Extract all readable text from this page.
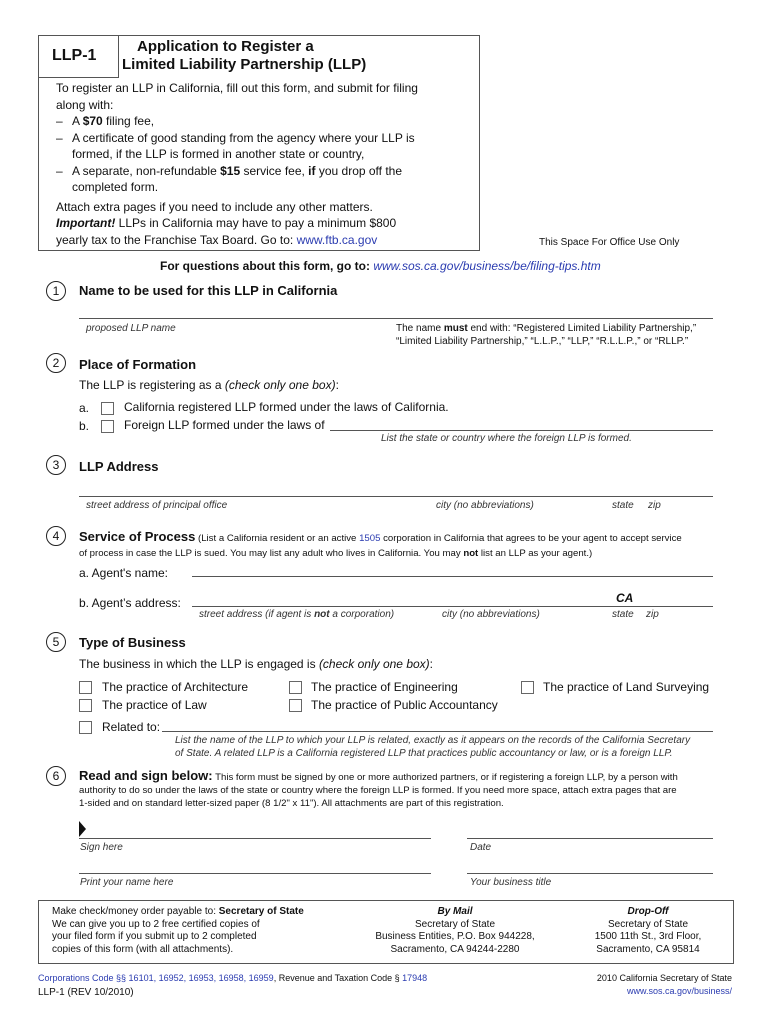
LLP-1
Application to Register a
Limited Liability Partnership (LLP)
To register an LLP in California, fill out this form, and submit for filing
along with:
– A $70 filing fee,
– A certificate of good standing from the agency where your LLP is
formed, if the LLP is formed in another state or country,
– A separate, non-refundable $15 service fee, if you drop off the
completed form.
Attach extra pages if you need to include any other matters.
Important! LLPs in California may have to pay a minimum $800
yearly tax to the Franchise Tax Board. Go to: www.ftb.ca.gov	This Space For Office Use Only
For questions about this form, go to: www.sos.ca.gov/business/be/filing-tips.htm
1	Name to be used for this LLP in California
proposed LLP name	The name must end with: “Registered Limited Liability Partnership,”
“Limited Liability Partnership,” “L.L.P.,” “LLP,” “R.L.L.P.,” or “RLLP.”
2	Place of Formation
The LLP is registering as a (check only one box):
a.	California registered LLP formed under the laws of California.
b.	Foreign LLP formed under the laws of
List the state or country where the foreign LLP is formed.
3	LLP Address
street address of principal office	city (no abbreviations)	state zip
4	Service of Process (List a California resident or an active 1505 corporation in California that agrees to be your agent to accept service
of process in case the LLP is sued. You may list any adult who lives in California. You may not list an LLP as your agent.)
a. Agent's name:
b. Agent’s address:	CA
street address (if agent is not a corporation)	city (no abbreviations)	state zip
5	Type of Business
The business in which the LLP is engaged is (check only one box):
The practice of Architecture	The practice of Engineering	The practice of Land Surveying
The practice of Law	The practice of Public Accountancy
Related to:
List the name of the LLP to which your LLP is related, exactly as it appears on the records of the California Secretary
of State. A related LLP is a California registered LLP that practices public accountancy or law, or is a foreign LLP.
6	Read and sign below: This form must be signed by one or more authorized partners, or if registering a foreign LLP, by a person with
authority to do so under the laws of the state or country where the foreign LLP is formed. If you need more space, attach extra pages that are
1-sided and on standard letter-sized paper (8 1/2" x 11"). All attachments are part of this registration.
Sign here	Date
Print your name here	Your business title
Make check/money order payable to: Secretary of State
We can give you up to 2 free certified copies of
your filed form if you submit up to 2 completed
copies of this form (with all attachments).
By Mail
Secretary of State
Business Entities, P.O. Box 944228,
Sacramento, CA 94244-2280
Drop-Off
Secretary of State
1500 11th St., 3rd Floor,
Sacramento, CA 95814
Corporations Code §§ 16101, 16952, 16953, 16958, 16959, Revenue and Taxation Code § 17948
LLP-1 (REV 10/2010)
2010 California Secretary of State
www.sos.ca.gov/business/
